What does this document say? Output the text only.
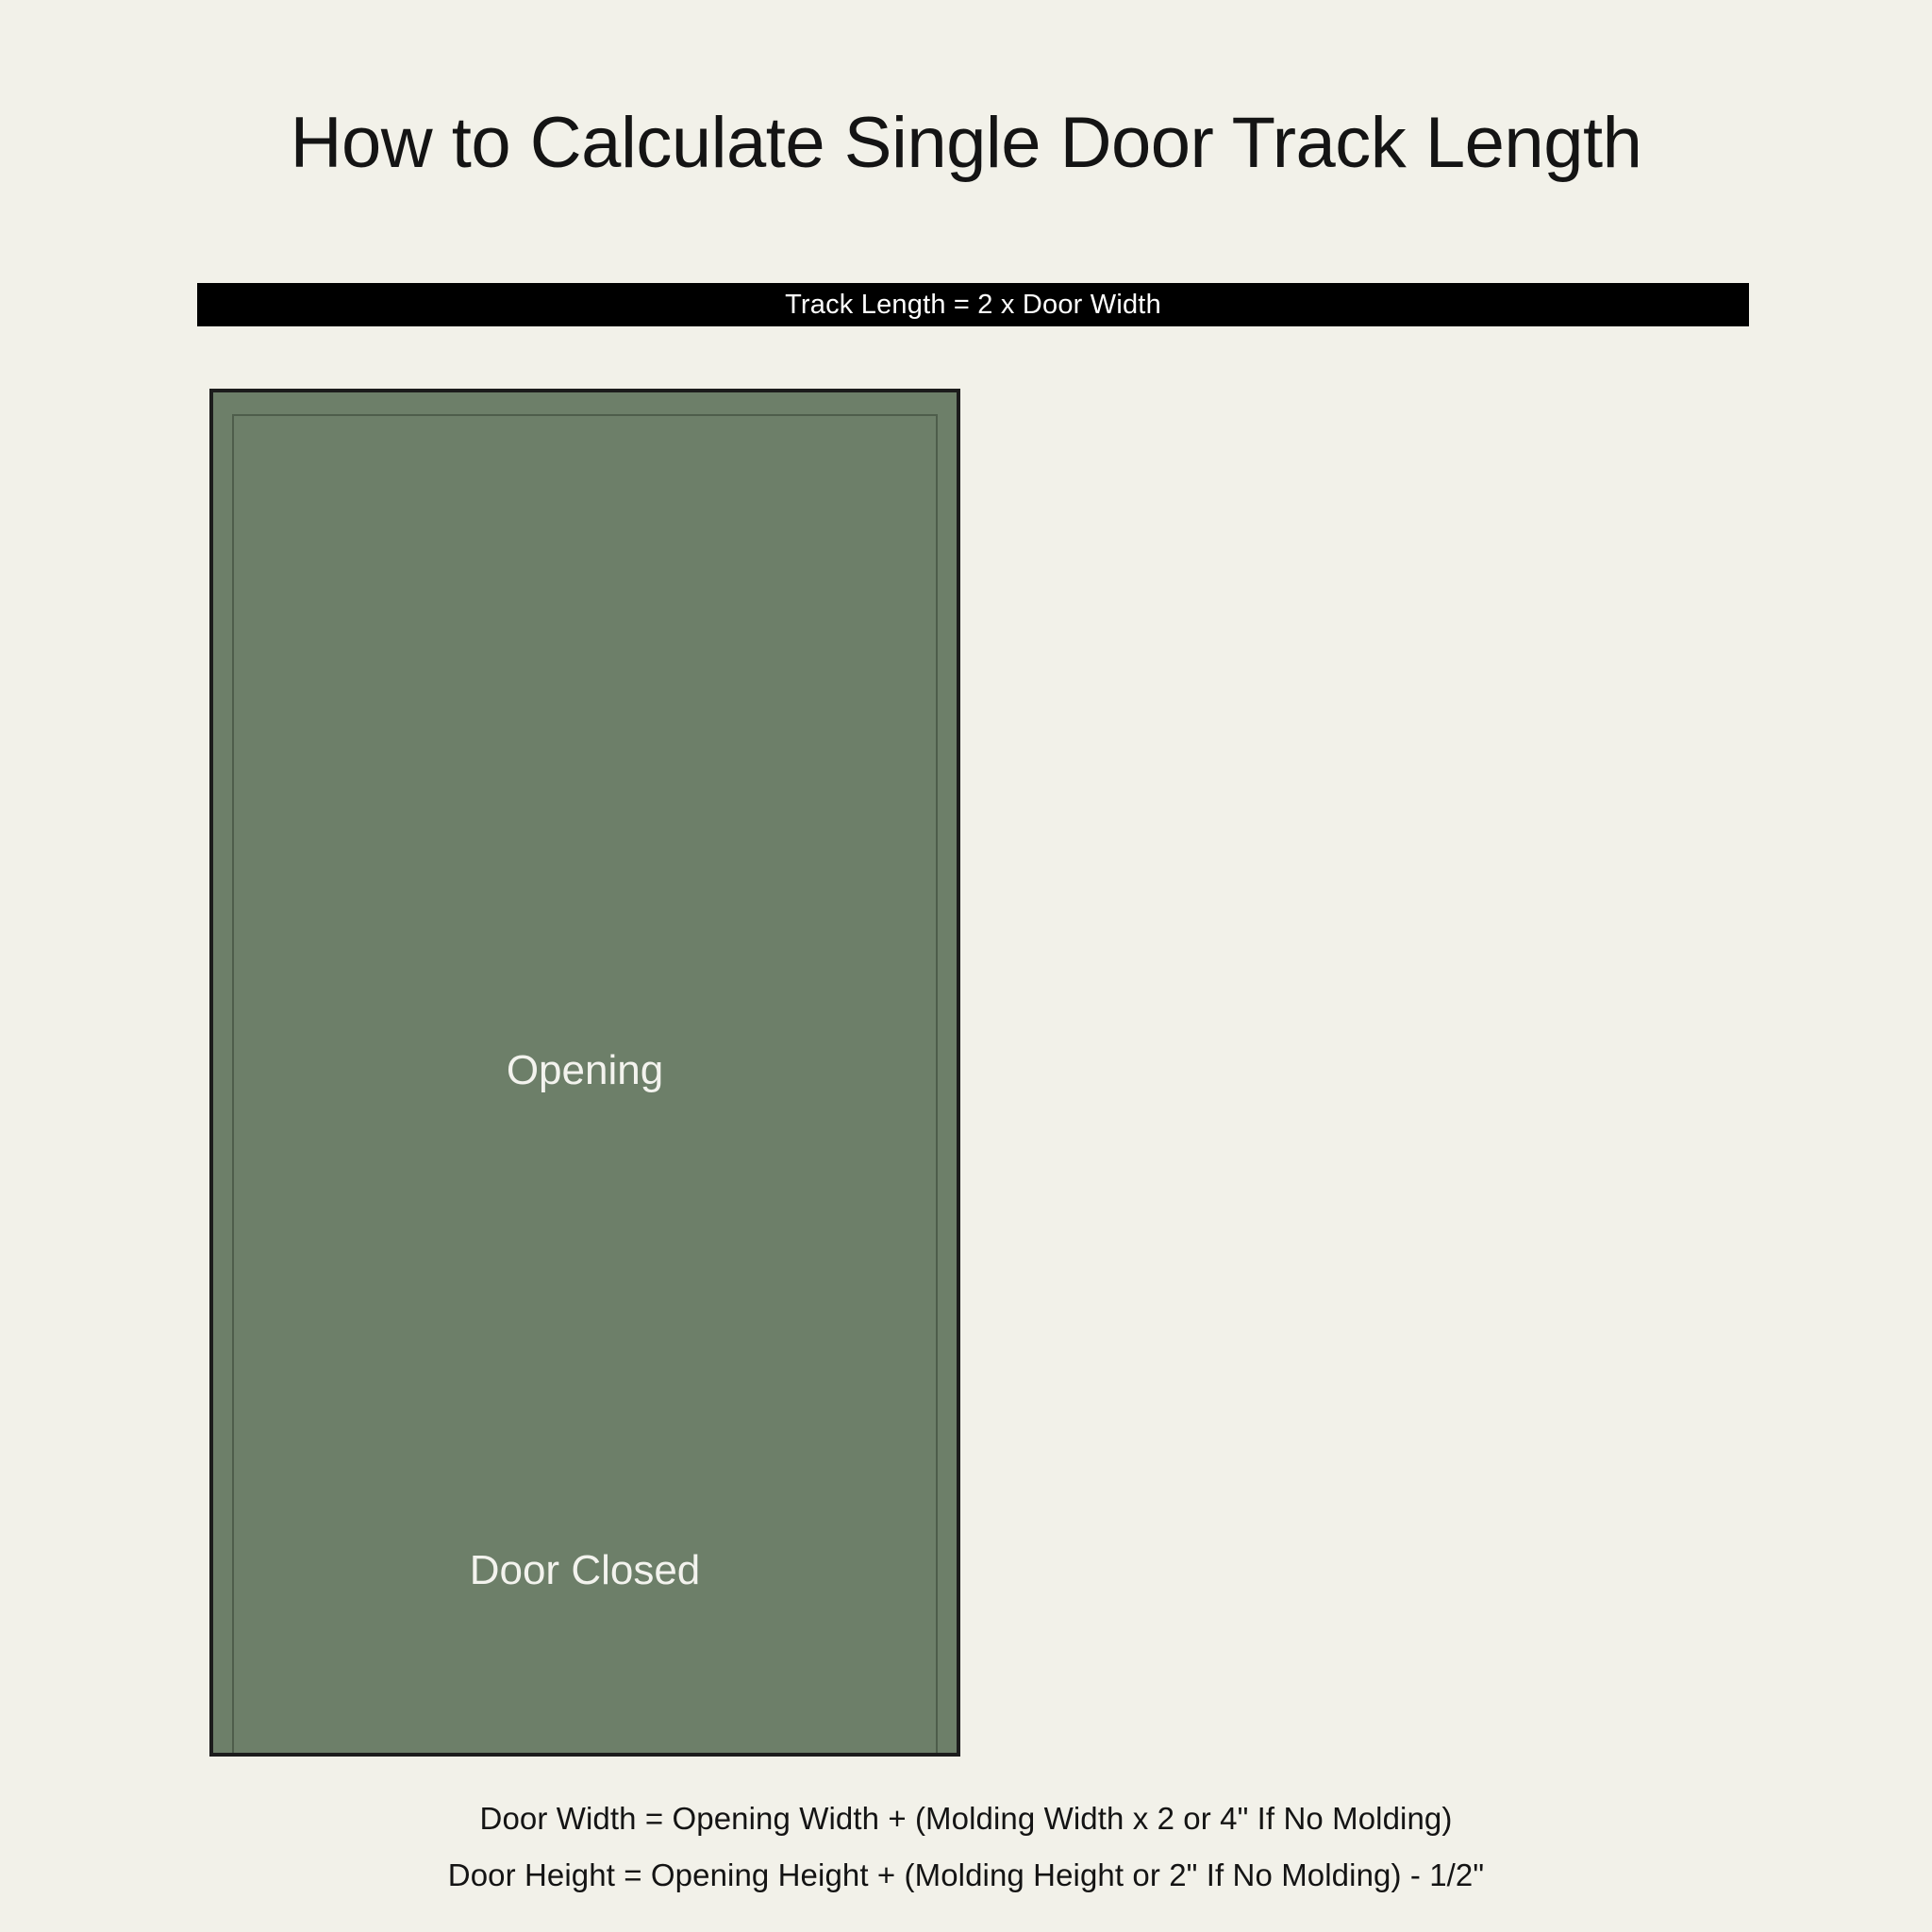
How to Calculate Single Door Track Length
Track Length = 2 x Door Width
Opening
Door Closed
Door Width = Opening Width + (Molding Width x 2 or 4" If No Molding)
Door Height = Opening Height + (Molding Height or 2" If No Molding) - 1/2"
